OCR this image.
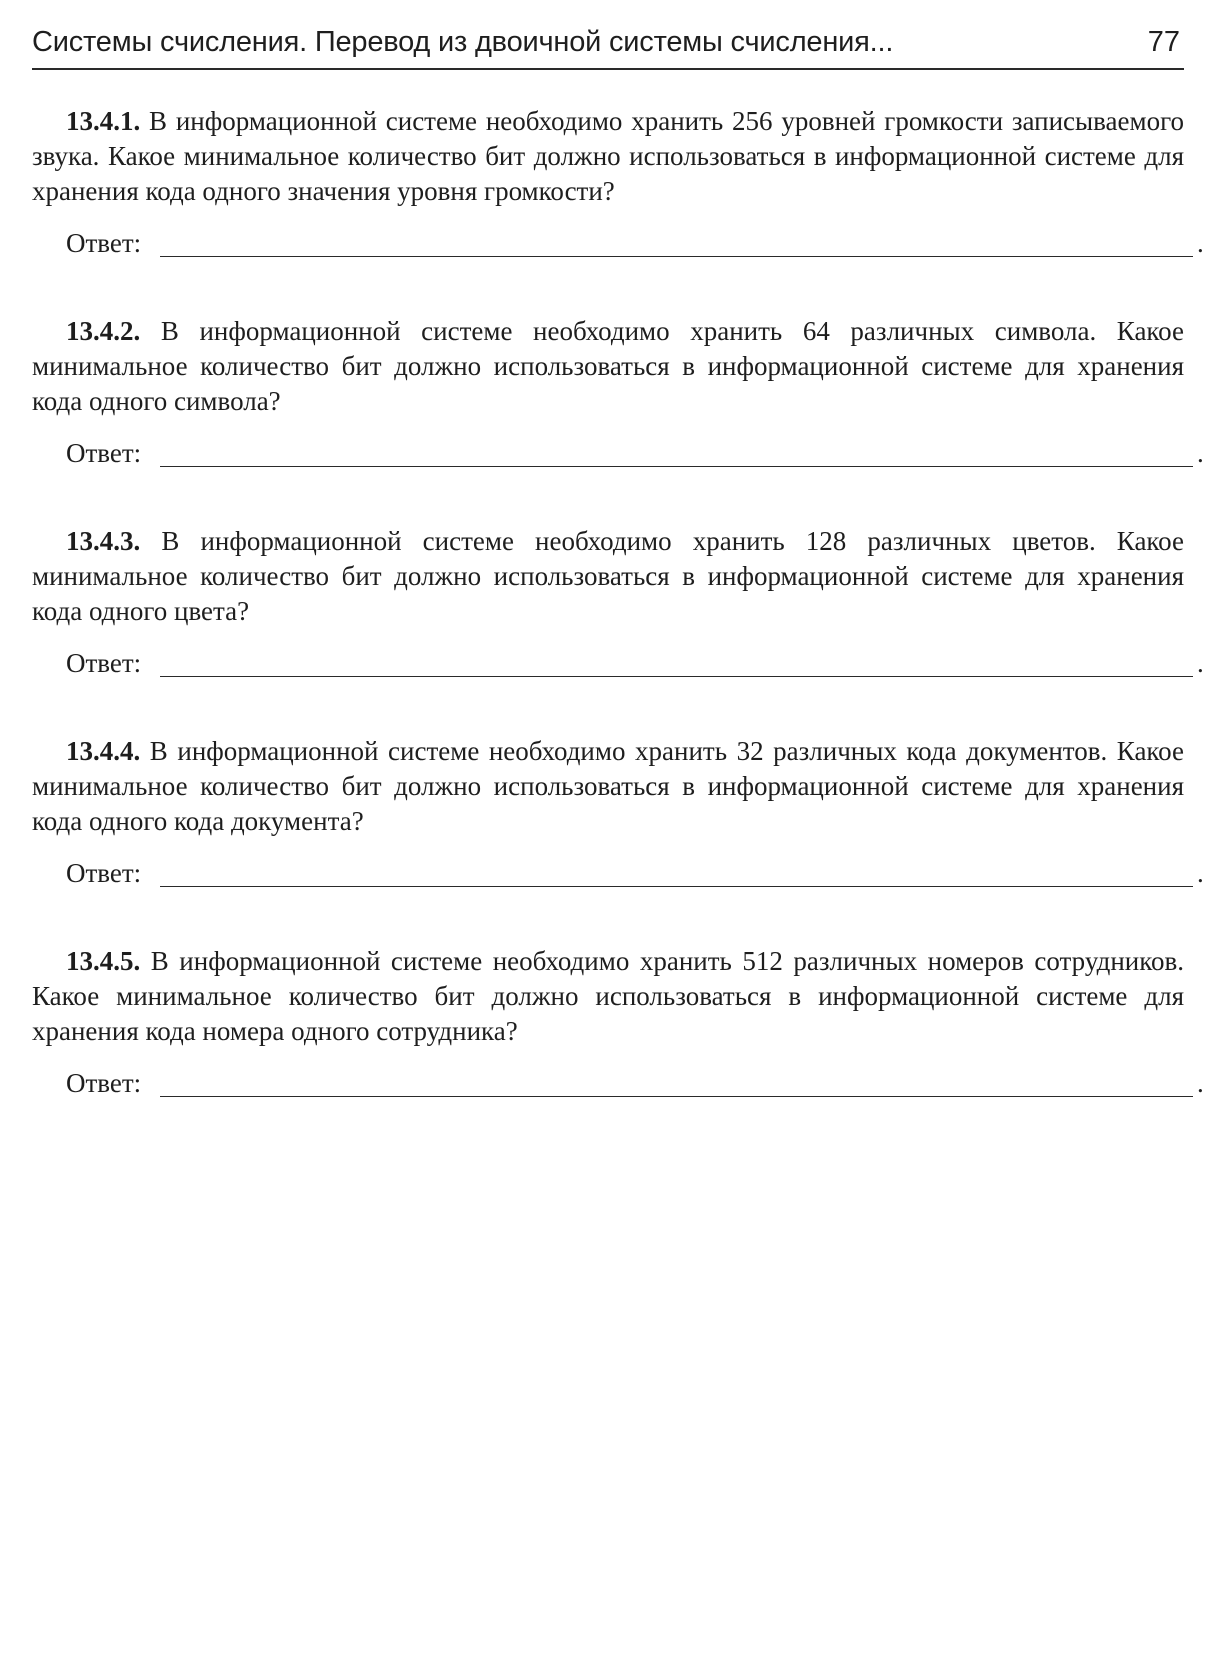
Системы счисления. Перевод из двоичной системы счисления...	77

13.4.1. В информационной системе необходимо хранить 256 уровней громкости записываемого звука. Какое минимальное количество бит должно использоваться в информационной системе для хранения кода одного значения уровня громкости?

Ответ:	.

13.4.2. В информационной системе необходимо хранить 64 различных символа. Какое минимальное количество бит должно использоваться в информационной системе для хранения кода одного символа?

Ответ:	.

13.4.3. В информационной системе необходимо хранить 128 различных цветов. Какое минимальное количество бит должно использоваться в информационной системе для хранения кода одного цвета?

Ответ:	.

13.4.4. В информационной системе необходимо хранить 32 различных кода документов. Какое минимальное количество бит должно использоваться в информационной системе для хранения кода одного кода документа?

Ответ:	.

13.4.5. В информационной системе необходимо хранить 512 различных номеров сотрудников. Какое минимальное количество бит должно использоваться в информационной системе для хранения кода номера одного сотрудника?

Ответ:	.
